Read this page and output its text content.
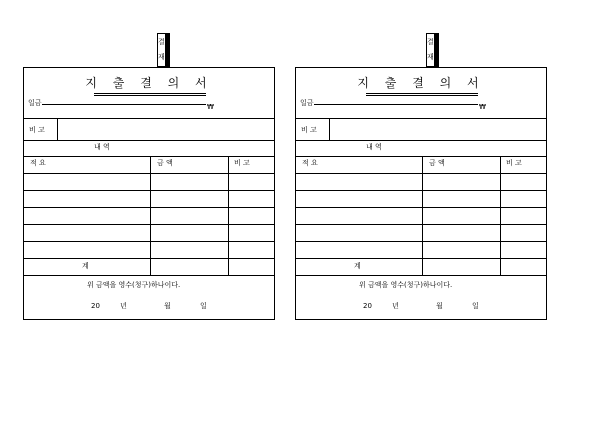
결
재

지 출 결 의 서
일금	₩
비 고
내 역
적 요	금 액	비 고
계
위 금액을 영수(청구)하나이다.
20	년	월	일
결
재

지 출 결 의 서
일금	₩
비 고
내 역
적 요	금 액	비 고
계
위 금액을 영수(청구)하나이다.
20	년	월	일
